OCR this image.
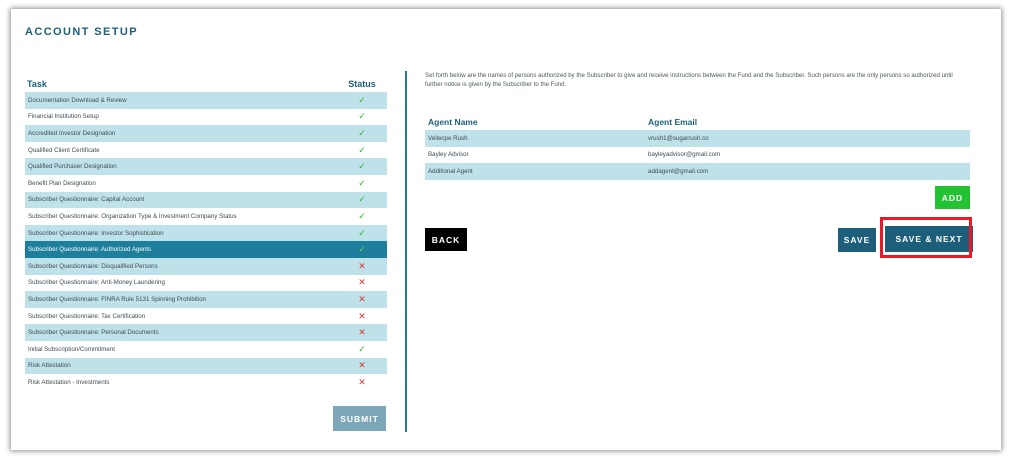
ACCOUNT SETUP
Task	Status
Documentation Download & Review	✓
Financial Institution Setup	✓
Accredited Investor Designation	✓
Qualified Client Certificate	✓
Qualified Purchaser Designation	✓
Benefit Plan Designation	✓
Subscriber Questionnaire: Capital Account	✓
Subscriber Questionnaire: Organization Type & Investment Company Status	✓
Subscriber Questionnaire: Investor Sophistication	✓
Subscriber Questionnaire: Authorized Agents	✓
Subscriber Questionnaire: Disqualified Persons	✕
Subscriber Questionnaire: Anti-Money Laundering	✕
Subscriber Questionnaire: FINRA Rule 5131 Spinning Prohibition	✕
Subscriber Questionnaire: Tax Certification	✕
Subscriber Questionnaire: Personal Documents	✕
Initial Subscription/Commitment	✓
Risk Attestation	✕
Risk Attestation - Investments	✕
SUBMIT
Set forth below are the names of persons authorized by the Subscriber to give and receive instructions between the Fund and the Subscriber. Such persons are the only persons so authorized until further notice is given by the Subscriber to the Fund.
Agent Name	Agent Email
Vellecpe Rush	vrush1@sugarrush.co
Bayley Advisor	bayleyadvisor@gmail.com
Additional Agent	addagent@gmail.com
ADD
BACK	SAVE	SAVE & NEXT
